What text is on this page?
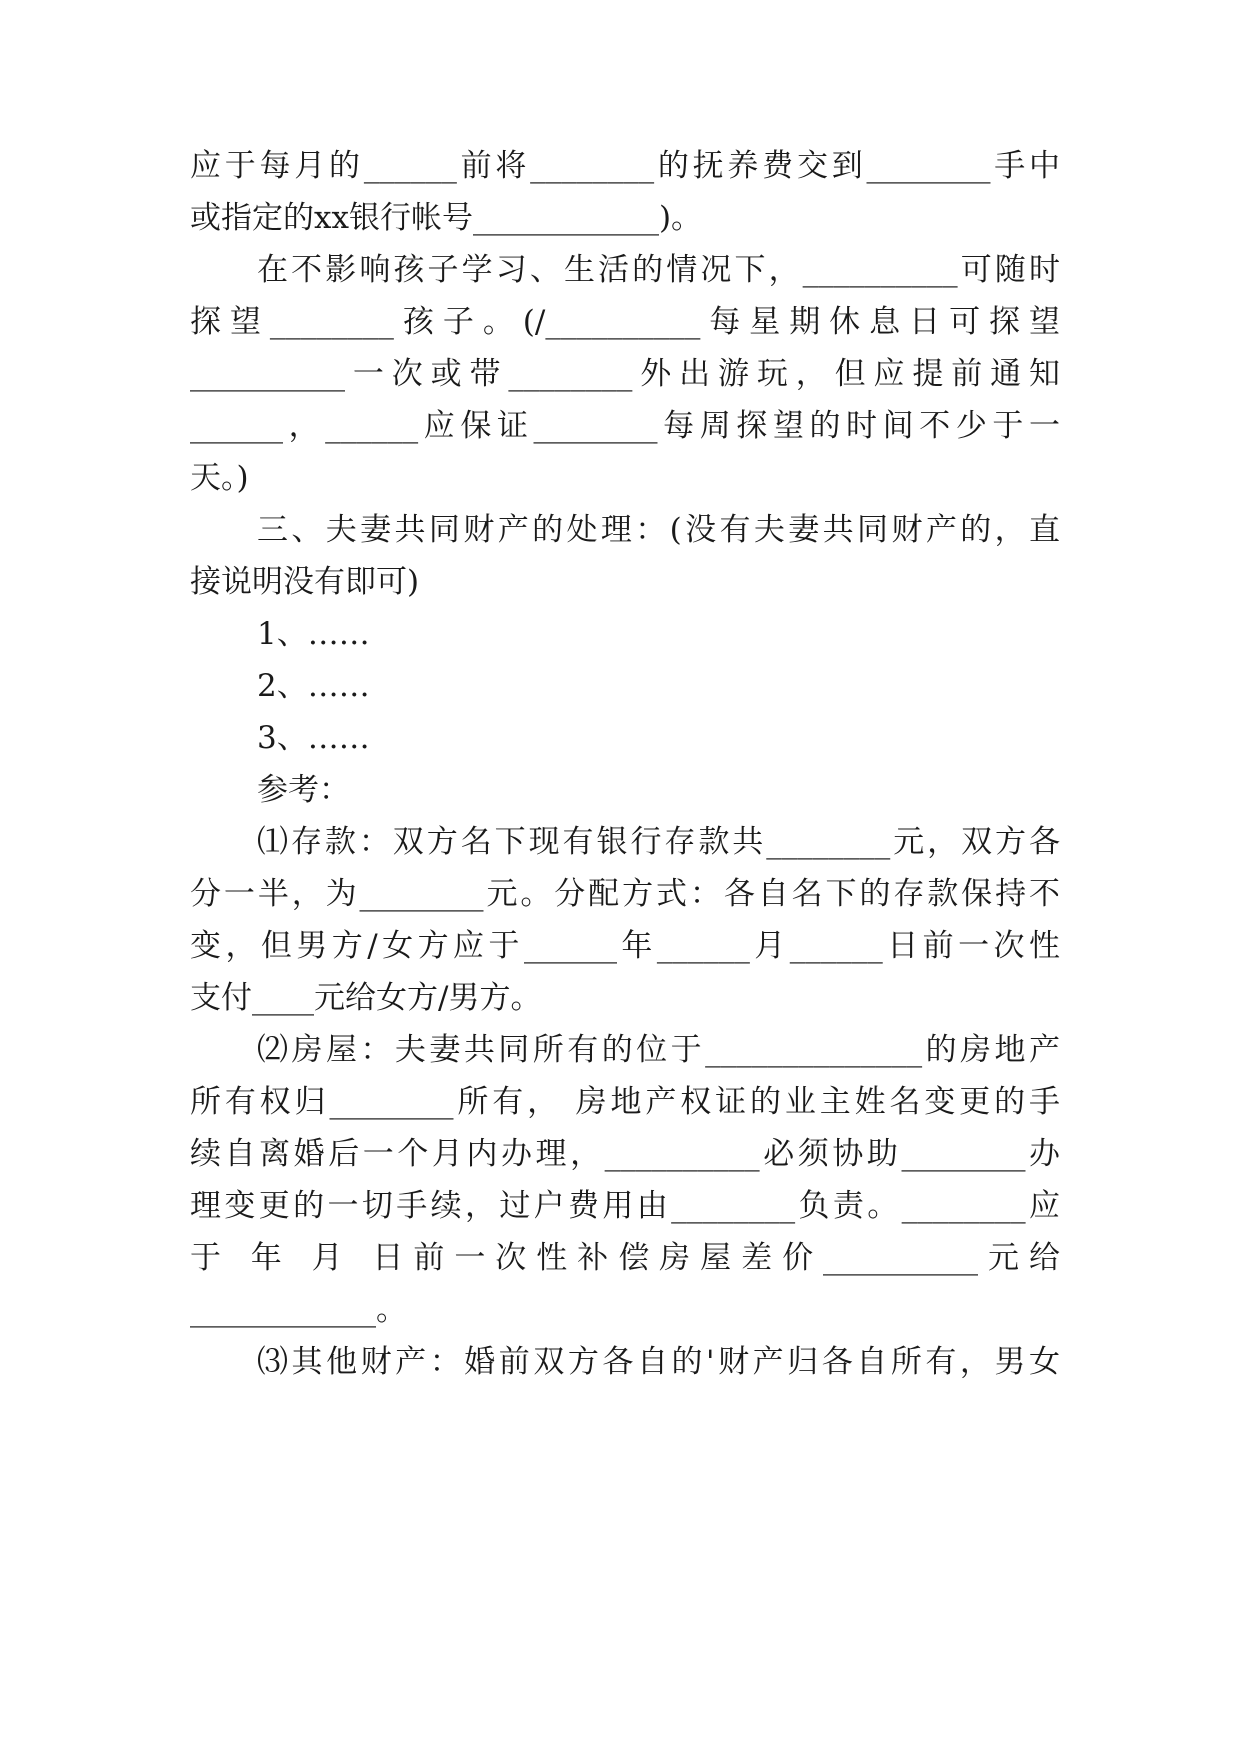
应于每月的______前将________的抚养费交到________手中
或指定的xx银行帐号____________)。
在不影响孩子学习、生活的情况下，__________可随时
探望________孩子。(/__________每星期休息日可探望
__________一次或带________外出游玩，但应提前通知
______，______应保证________每周探望的时间不少于一
天。)
三、夫妻共同财产的处理：(没有夫妻共同财产的，直
接说明没有即可)
1、……
2、……
3、……
参考：
⑴存款：双方名下现有银行存款共________元，双方各
分一半，为________元。分配方式：各自名下的存款保持不
变，但男方/女方应于______年______月______日前一次性
支付____元给女方/男方。
⑵房屋：夫妻共同所有的位于______________的房地产
所有权归________所有， 房地产权证的业主姓名变更的手
续自离婚后一个月内办理，__________必须协助________办
理变更的一切手续，过户费用由________负责。________应
于 年 月 日前一次性补偿房屋差价__________元给
____________。
⑶其他财产：婚前双方各自的'财产归各自所有，男女
